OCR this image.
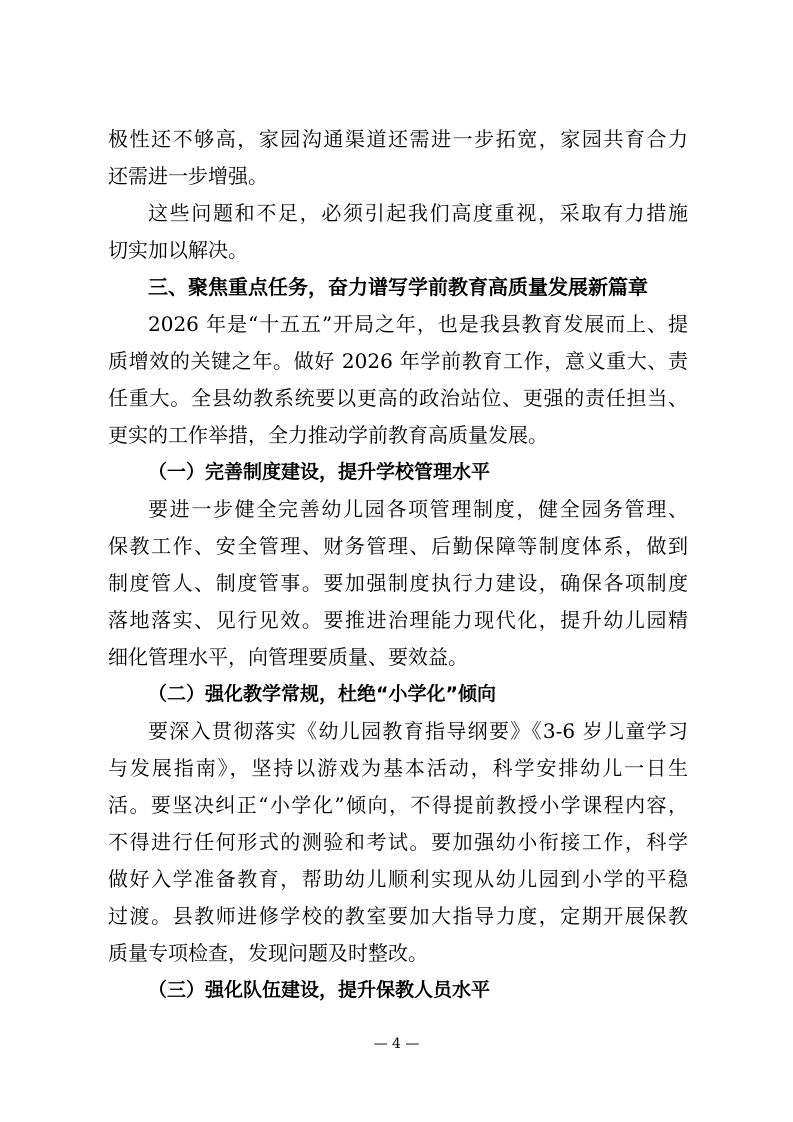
极性还不够高，家园沟通渠道还需进一步拓宽，家园共育合力
还需进一步增强。
这些问题和不足，必须引起我们高度重视，采取有力措施
切实加以解决。
三、聚焦重点任务，奋力谱写学前教育高质量发展新篇章
2026 年是“十五五”开局之年，也是我县教育发展而上、提
质增效的关键之年。做好 2026 年学前教育工作，意义重大、责
任重大。全县幼教系统要以更高的政治站位、更强的责任担当、
更实的工作举措，全力推动学前教育高质量发展。
（一）完善制度建设，提升学校管理水平
要进一步健全完善幼儿园各项管理制度，健全园务管理、
保教工作、安全管理、财务管理、后勤保障等制度体系，做到
制度管人、制度管事。要加强制度执行力建设，确保各项制度
落地落实、见行见效。要推进治理能力现代化，提升幼儿园精
细化管理水平，向管理要质量、要效益。
（二）强化教学常规，杜绝“小学化”倾向
要深入贯彻落实《幼儿园教育指导纲要》《3-6 岁儿童学习
与发展指南》，坚持以游戏为基本活动，科学安排幼儿一日生
活。要坚决纠正“小学化”倾向，不得提前教授小学课程内容，
不得进行任何形式的测验和考试。要加强幼小衔接工作，科学
做好入学准备教育，帮助幼儿顺利实现从幼儿园到小学的平稳
过渡。县教师进修学校的教室要加大指导力度，定期开展保教
质量专项检查，发现问题及时整改。
（三）强化队伍建设，提升保教人员水平
— 4 —
